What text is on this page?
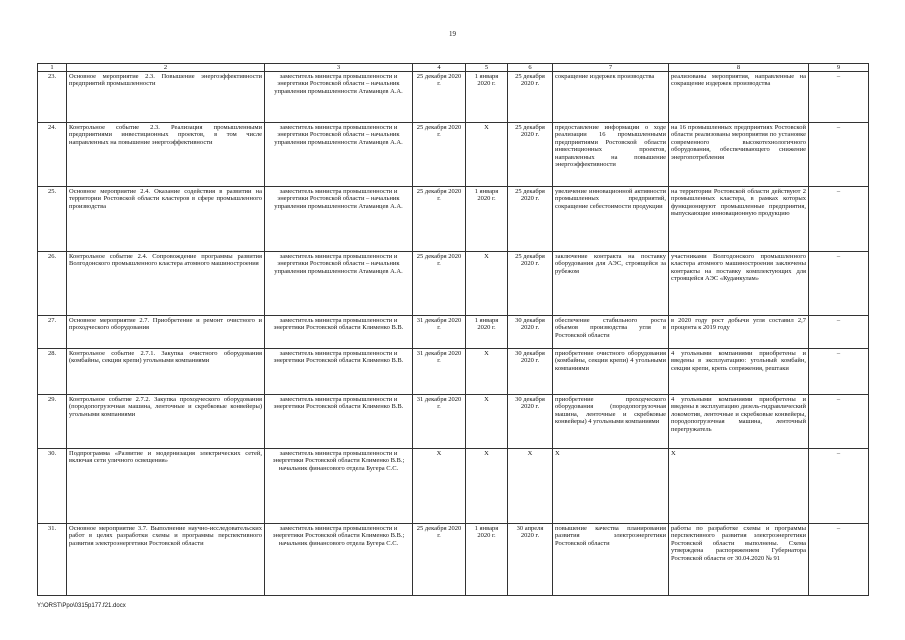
19
1	2	3	4	5	6	7	8	9
23.	Основное мероприятие 2.3. Повышение энергоэффективности предприятий промышленности	заместитель министра промышленности и энергетики Ростовской области – начальник управления промышленности Атаманцев А.А.	25 декабря 2020 г.	1 января 2020 г.	25 декабря 2020 г.	сокращение издержек производства	реализованы мероприятия, направленные на сокращение издержек производства	–
24.	Контрольное событие 2.3. Реализация промышленными предприятиями инвестиционных проектов, в том числе направленных на повышение энергоэффективности	заместитель министра промышленности и энергетики Ростовской области – начальник управления промышленности Атаманцев А.А.	25 декабря 2020 г.	X	25 декабря 2020 г.	предоставление информации о ходе реализации 16 промышленными предприятиями Ростовской области инвестиционных проектов, направленных на повышение энергоэффективности	на 16 промышленных предприятиях Ростовской области реализованы мероприятия по установке современного высокотехнологичного оборудования, обеспечивающего снижение энергопотребления	–
25.	Основное мероприятие 2.4. Оказание содействия в развитии на территории Ростовской области кластеров в сфере промышленного производства	заместитель министра промышленности и энергетики Ростовской области – начальник управления промышленности Атаманцев А.А.	25 декабря 2020 г.	1 января 2020 г.	25 декабря 2020 г.	увеличение инновационной активности промышленных предприятий, сокращение себестоимости продукции	на территории Ростовской области действуют 2 промышленных кластера, в рамках которых функционируют промышленные предприятия, выпускающие инновационную продукцию	–
26.	Контрольное событие 2.4. Сопровождение программы развития Волгодонского промышленного кластера атомного машиностроения	заместитель министра промышленности и энергетики Ростовской области – начальник управления промышленности Атаманцев А.А.	25 декабря 2020 г.	X	25 декабря 2020 г.	заключение контракта на поставку оборудования для АЭС, строящейся за рубежом	участниками Волгодонского промышленного кластера атомного машиностроения заключены контракты на поставку комплектующих для строящейся АЭС «Куданкулам»	–
27.	Основное мероприятие 2.7. Приобретение и ремонт очистного и проходческого оборудования	заместитель министра промышленности и энергетики Ростовской области Клименко В.В.	31 декабря 2020 г.	1 января 2020 г.	30 декабря 2020 г.	обеспечение стабильного роста объемов производства угля в Ростовской области	в 2020 году рост добычи угля составил 2,7 процента к 2019 году	–
28.	Контрольное событие 2.7.1. Закупка очистного оборудования (комбайны, секции крепи) угольными компаниями	заместитель министра промышленности и энергетики Ростовской области Клименко В.В.	31 декабря 2020 г.	X	30 декабря 2020 г.	приобретение очистного оборудования (комбайны, секции крепи) 4 угольными компаниями	4 угольными компаниями приобретены и введены в эксплуатацию: угольный комбайн, секции крепи, крепь сопряжения, рештаки	–
29.	Контрольное событие 2.7.2. Закупка проходческого оборудования (породопогрузочная машина, ленточные и скребковые конвейеры) угольными компаниями	заместитель министра промышленности и энергетики Ростовской области Клименко В.В.	31 декабря 2020 г.	X	30 декабря 2020 г.	приобретение проходческого оборудования (породопогрузочная машина, ленточные и скребковые конвейеры) 4 угольными компаниями	4 угольными компаниями приобретены и введены в эксплуатацию дизель-гидравлический локомотив, ленточные и скребковые конвейеры, породопогрузочная машина, ленточный перегружатель	–
30.	Подпрограмма «Развитие и модернизация электрических сетей, включая сети уличного освещения»	заместитель министра промышленности и энергетики Ростовской области Клименко В.В.; начальник финансового отдела Бугера С.С.	X	X	X	X	X	–
31.	Основное мероприятие 3.7. Выполнение научно-исследовательских работ в целях разработки схемы и программы перспективного развития электроэнергетики Ростовской области	заместитель министра промышленности и энергетики Ростовской области Клименко В.В.; начальник финансового отдела Бугера С.С.	25 декабря 2020 г.	1 января 2020 г.	30 апреля 2020 г.	повышение качества планирования развития электроэнергетики Ростовской области	работы по разработке схемы и программы перспективного развития электроэнергетики Ростовской области выполнены. Схема утверждена распоряжением Губернатора Ростовской области от 30.04.2020 № 91	–
Y:\ORST\Ppo\0315p177.f21.docx
